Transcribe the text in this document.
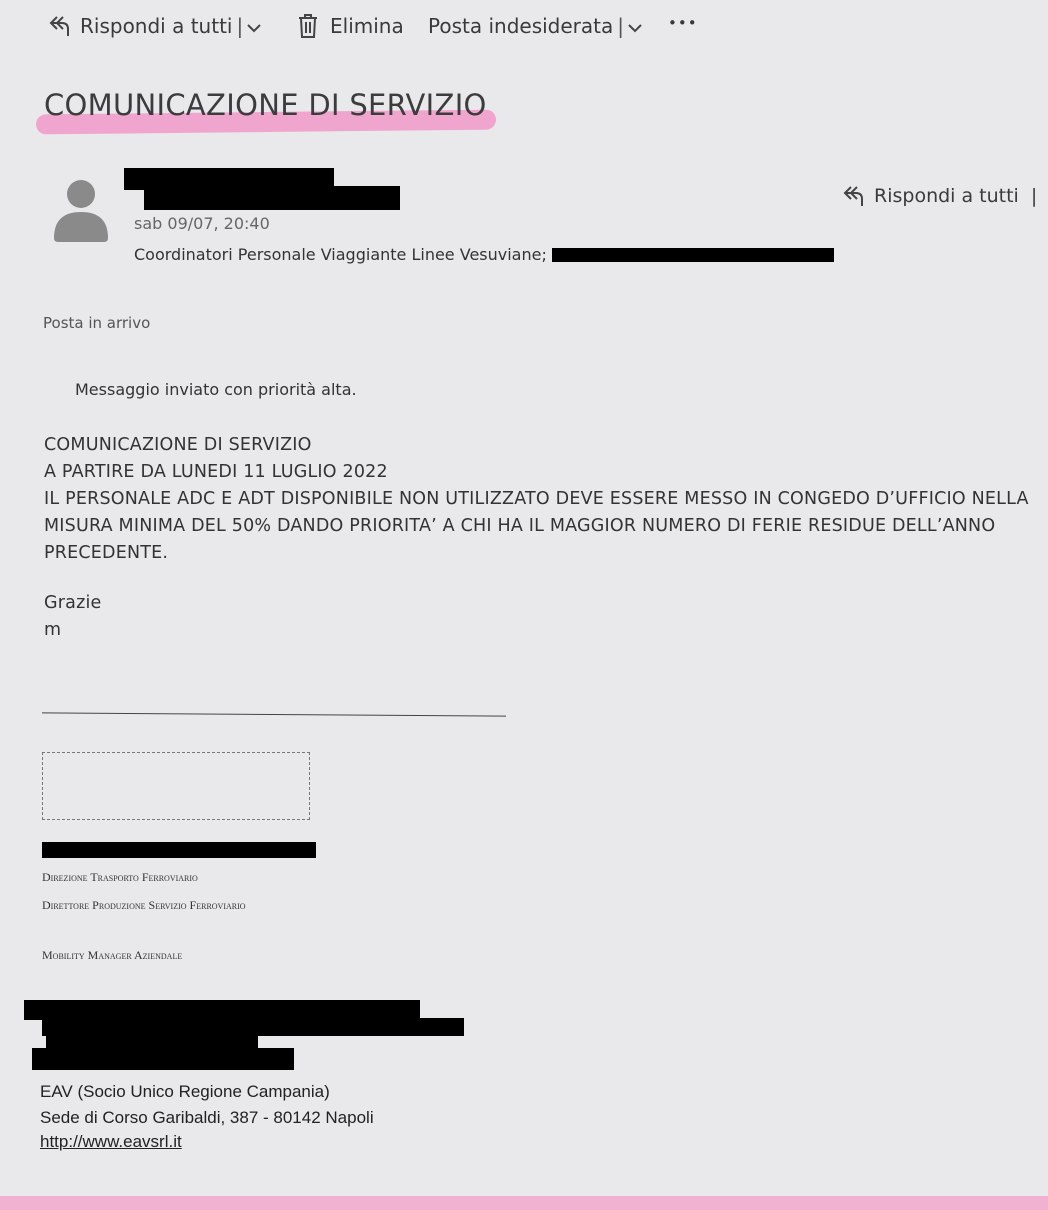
Rispondi a tutti |	Elimina Posta indesiderata |	•••
COMUNICAZIONE DI SERVIZIO
sab 09/07, 20:40
Coordinatori Personale Viaggiante Linee Vesuviane;
Rispondi a tutti |
Posta in arrivo
Messaggio inviato con priorità alta.
COMUNICAZIONE DI SERVIZIO
A PARTIRE DA LUNEDI 11 LUGLIO 2022
IL PERSONALE ADC E ADT DISPONIBILE NON UTILIZZATO DEVE ESSERE MESSO IN CONGEDO D’UFFICIO NELLA
MISURA MINIMA DEL 50% DANDO PRIORITA’ A CHI HA IL MAGGIOR NUMERO DI FERIE RESIDUE DELL’ANNO
PRECEDENTE.
Grazie
m
Direzione Trasporto Ferroviario
Direttore Produzione Servizio Ferroviario
Mobility Manager Aziendale
EAV (Socio Unico Regione Campania)
Sede di Corso Garibaldi, 387 - 80142 Napoli
http://www.eavsrl.it
